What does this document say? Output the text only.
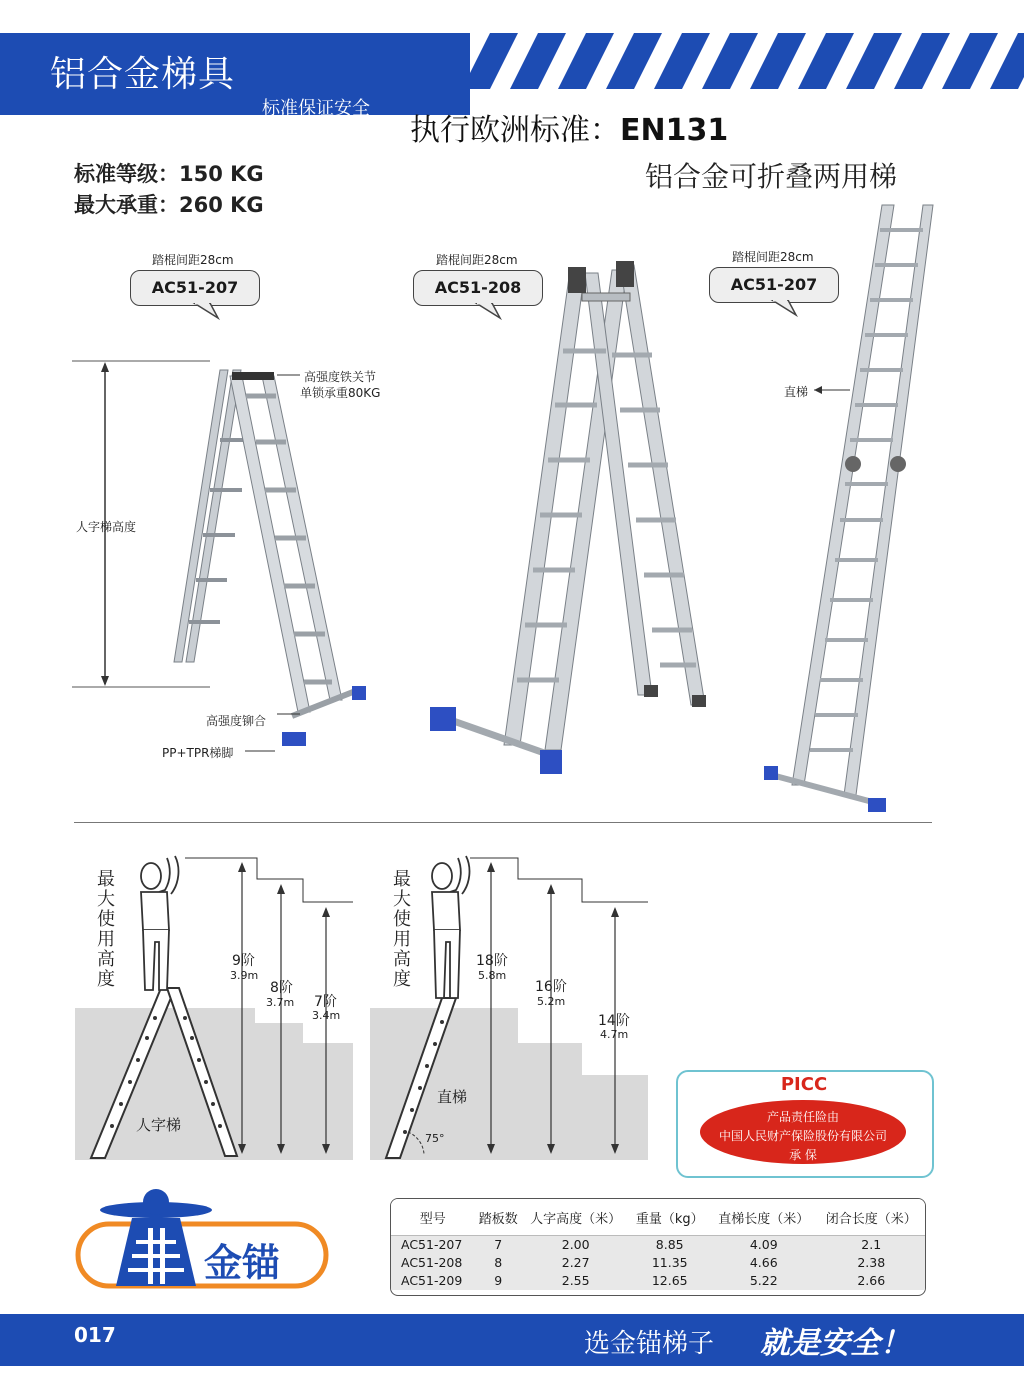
铝合金梯具
标准保证安全
执行欧洲标准：EN131
标准等级：150 KG
最大承重：260 KG
铝合金可折叠两用梯
踏棍间距28cm
AC51-207
踏棍间距28cm
AC51-208
踏棍间距28cm
AC51-207
高强度铁关节
单锁承重80KG
人字梯高度
高强度铆合
PP+TPR梯脚
直梯
最大使用高度
9阶
3.9m
8阶
3.7m 7阶
3.4m
人字梯
最大使用高度
18阶
5.8m
16阶
5.2m
14阶
4.7m
直梯
75°
PICC
产品责任险由
中国人民财产保险股份有限公司
承 保
金锚
型号	踏板数	人字高度（米）	重量（kg）	直梯长度（米）	闭合长度（米）
AC51-207	7	2.00	8.85	4.09	2.1
AC51-208	8	2.27	11.35	4.66	2.38
AC51-209	9	2.55	12.65	5.22	2.66
017	选金锚梯子 就是安全！
